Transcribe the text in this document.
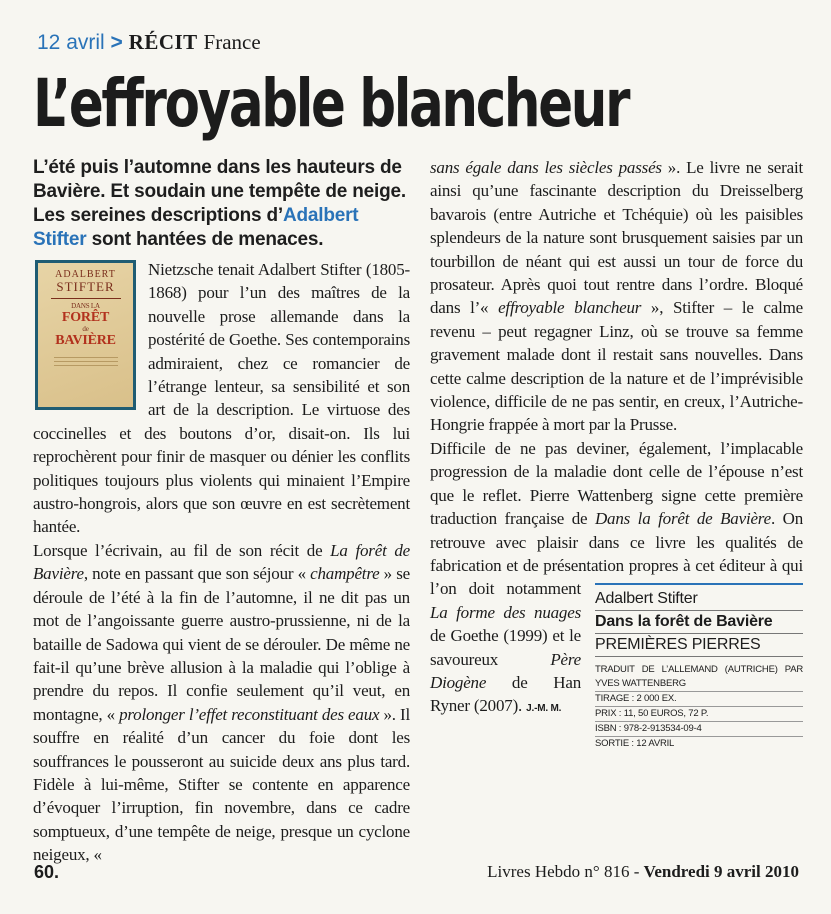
12 avril > RÉCIT France
L’effroyable blancheur
L’été puis l’automne dans les hauteurs de Bavière. Et soudain une tempête de neige. Les sereines descriptions d’Adalbert Stifter sont hantées de menaces.
ADALBERT
STIFTER
DANS LA
FORÊT
de
BAVIÈRE

Nietzsche tenait Adalbert Stifter (1805-1868) pour l’un des maîtres de la nouvelle prose allemande dans la postérité de Goethe. Ses contemporains admiraient, chez ce romancier de l’étrange lenteur, sa sensibilité et son art de la description. Le virtuose des coccinelles et des boutons d’or, disait-on. Ils lui reprochèrent pour finir de masquer ou dénier les conflits politiques toujours plus violents qui minaient l’Empire austro-hongrois, alors que son œuvre en est secrètement hantée.

Lorsque l’écrivain, au fil de son récit de La forêt de Bavière, note en passant que son séjour « champêtre » se déroule de l’été à la fin de l’automne, il ne dit pas un mot de l’angoissante guerre austro-prussienne, ni de la bataille de Sadowa qui vient de se dérouler. De même ne fait-il qu’une brève allusion à la maladie qui l’oblige à prendre du repos. Il confie seulement qu’il veut, en montagne, « prolonger l’effet reconstituant des eaux ». Il souffre en réalité d’un cancer du foie dont les souffrances le pousseront au suicide deux ans plus tard. Fidèle à lui-même, Stifter se contente en apparence d’évoquer l’irruption, fin novembre, dans ce cadre somptueux, d’une tempête de neige, presque un cyclone neigeux, «

sans égale dans les siècles passés ». Le livre ne serait ainsi qu’une fascinante description du Dreisselberg bavarois (entre Autriche et Tchéquie) où les paisibles splendeurs de la nature sont brusquement saisies par un tourbillon de néant qui est aussi un tour de force du prosateur. Après quoi tout rentre dans l’ordre. Bloqué dans l’« effroyable blancheur », Stifter – le calme revenu – peut regagner Linz, où se trouve sa femme gravement malade dont il restait sans nouvelles. Dans cette calme description de la nature et de l’imprévisible violence, difficile de ne pas sentir, en creux, l’Autriche-Hongrie frappée à mort par la Prusse.

Difficile de ne pas deviner, également, l’implacable progression de la maladie dont celle de l’épouse n’est que le reflet. Pierre Wattenberg signe cette première traduction française de Dans la forêt de Bavière. On retrouve avec plaisir dans ce livre les qualités de fabrication et de présentation propres à cet éditeur à qui l’on doit notamment
Adalbert Stifter
Dans la forêt de Bavière
PREMIÈRES PIERRES
TRADUIT DE L’ALLEMAND (AUTRICHE) PAR YVES WATTENBERG
TIRAGE : 2 000 EX.
PRIX : 11, 50 EUROS, 72 P.
ISBN : 978-2-913534-09-4
SORTIE : 12 AVRIL
La forme des nuages de Goethe (1999) et le savoureux Père Diogène de Han Ryner (2007). J.-M. M.

60.	Livres Hebdo n° 816 - Vendredi 9 avril 2010
